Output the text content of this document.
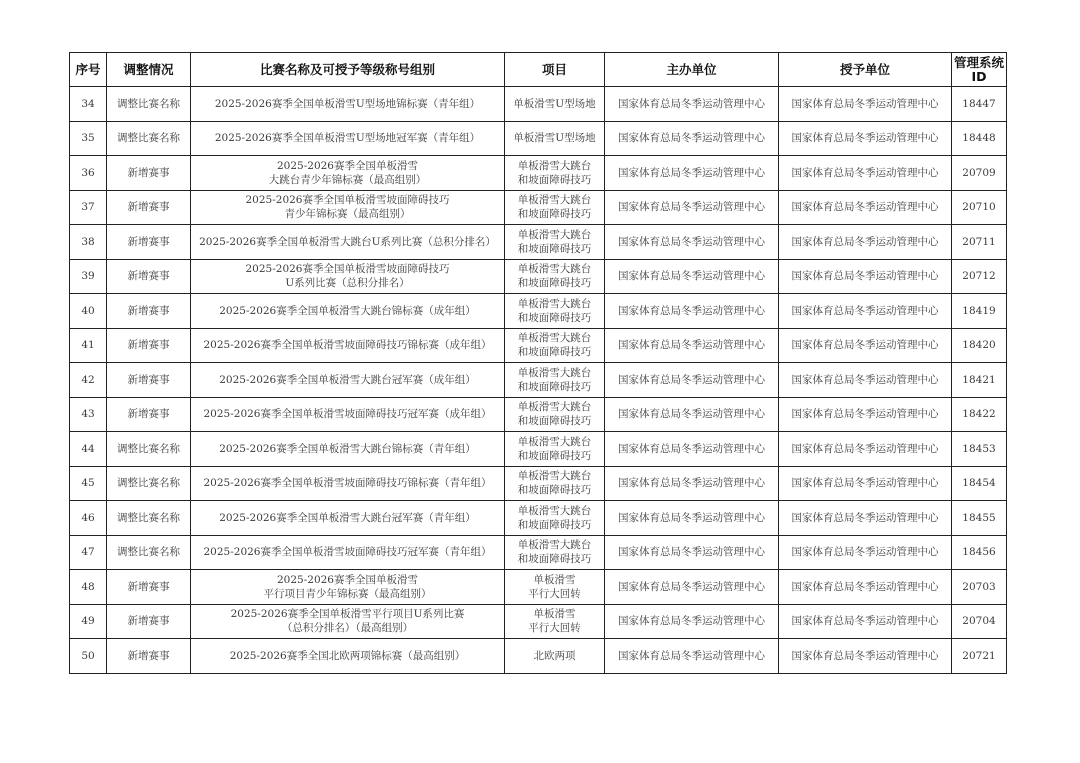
序号	调整情况	比赛名称及可授予等级称号组别	项目	主办单位	授予单位	管理系统
ID
34	调整比赛名称	2025-2026赛季全国单板滑雪U型场地锦标赛（青年组）	单板滑雪U型场地	国家体育总局冬季运动管理中心	国家体育总局冬季运动管理中心	18447
35	调整比赛名称	2025-2026赛季全国单板滑雪U型场地冠军赛（青年组）	单板滑雪U型场地	国家体育总局冬季运动管理中心	国家体育总局冬季运动管理中心	18448
36	新增赛事	2025-2026赛季全国单板滑雪
大跳台青少年锦标赛（最高组别）	单板滑雪大跳台
和坡面障碍技巧	国家体育总局冬季运动管理中心	国家体育总局冬季运动管理中心	20709
37	新增赛事	2025-2026赛季全国单板滑雪坡面障碍技巧
青少年锦标赛（最高组别）	单板滑雪大跳台
和坡面障碍技巧	国家体育总局冬季运动管理中心	国家体育总局冬季运动管理中心	20710
38	新增赛事	2025-2026赛季全国单板滑雪大跳台U系列比赛（总积分排名）	单板滑雪大跳台
和坡面障碍技巧	国家体育总局冬季运动管理中心	国家体育总局冬季运动管理中心	20711
39	新增赛事	2025-2026赛季全国单板滑雪坡面障碍技巧
U系列比赛（总积分排名）	单板滑雪大跳台
和坡面障碍技巧	国家体育总局冬季运动管理中心	国家体育总局冬季运动管理中心	20712
40	新增赛事	2025-2026赛季全国单板滑雪大跳台锦标赛（成年组）	单板滑雪大跳台
和坡面障碍技巧	国家体育总局冬季运动管理中心	国家体育总局冬季运动管理中心	18419
41	新增赛事	2025-2026赛季全国单板滑雪坡面障碍技巧锦标赛（成年组）	单板滑雪大跳台
和坡面障碍技巧	国家体育总局冬季运动管理中心	国家体育总局冬季运动管理中心	18420
42	新增赛事	2025-2026赛季全国单板滑雪大跳台冠军赛（成年组）	单板滑雪大跳台
和坡面障碍技巧	国家体育总局冬季运动管理中心	国家体育总局冬季运动管理中心	18421
43	新增赛事	2025-2026赛季全国单板滑雪坡面障碍技巧冠军赛（成年组）	单板滑雪大跳台
和坡面障碍技巧	国家体育总局冬季运动管理中心	国家体育总局冬季运动管理中心	18422
44	调整比赛名称	2025-2026赛季全国单板滑雪大跳台锦标赛（青年组）	单板滑雪大跳台
和坡面障碍技巧	国家体育总局冬季运动管理中心	国家体育总局冬季运动管理中心	18453
45	调整比赛名称	2025-2026赛季全国单板滑雪坡面障碍技巧锦标赛（青年组）	单板滑雪大跳台
和坡面障碍技巧	国家体育总局冬季运动管理中心	国家体育总局冬季运动管理中心	18454
46	调整比赛名称	2025-2026赛季全国单板滑雪大跳台冠军赛（青年组）	单板滑雪大跳台
和坡面障碍技巧	国家体育总局冬季运动管理中心	国家体育总局冬季运动管理中心	18455
47	调整比赛名称	2025-2026赛季全国单板滑雪坡面障碍技巧冠军赛（青年组）	单板滑雪大跳台
和坡面障碍技巧	国家体育总局冬季运动管理中心	国家体育总局冬季运动管理中心	18456
48	新增赛事	2025-2026赛季全国单板滑雪
平行项目青少年锦标赛（最高组别）	单板滑雪
平行大回转	国家体育总局冬季运动管理中心	国家体育总局冬季运动管理中心	20703
49	新增赛事	2025-2026赛季全国单板滑雪平行项目U系列比赛
（总积分排名）（最高组别）	单板滑雪
平行大回转	国家体育总局冬季运动管理中心	国家体育总局冬季运动管理中心	20704
50	新增赛事	2025-2026赛季全国北欧两项锦标赛（最高组别）	北欧两项	国家体育总局冬季运动管理中心	国家体育总局冬季运动管理中心	20721
